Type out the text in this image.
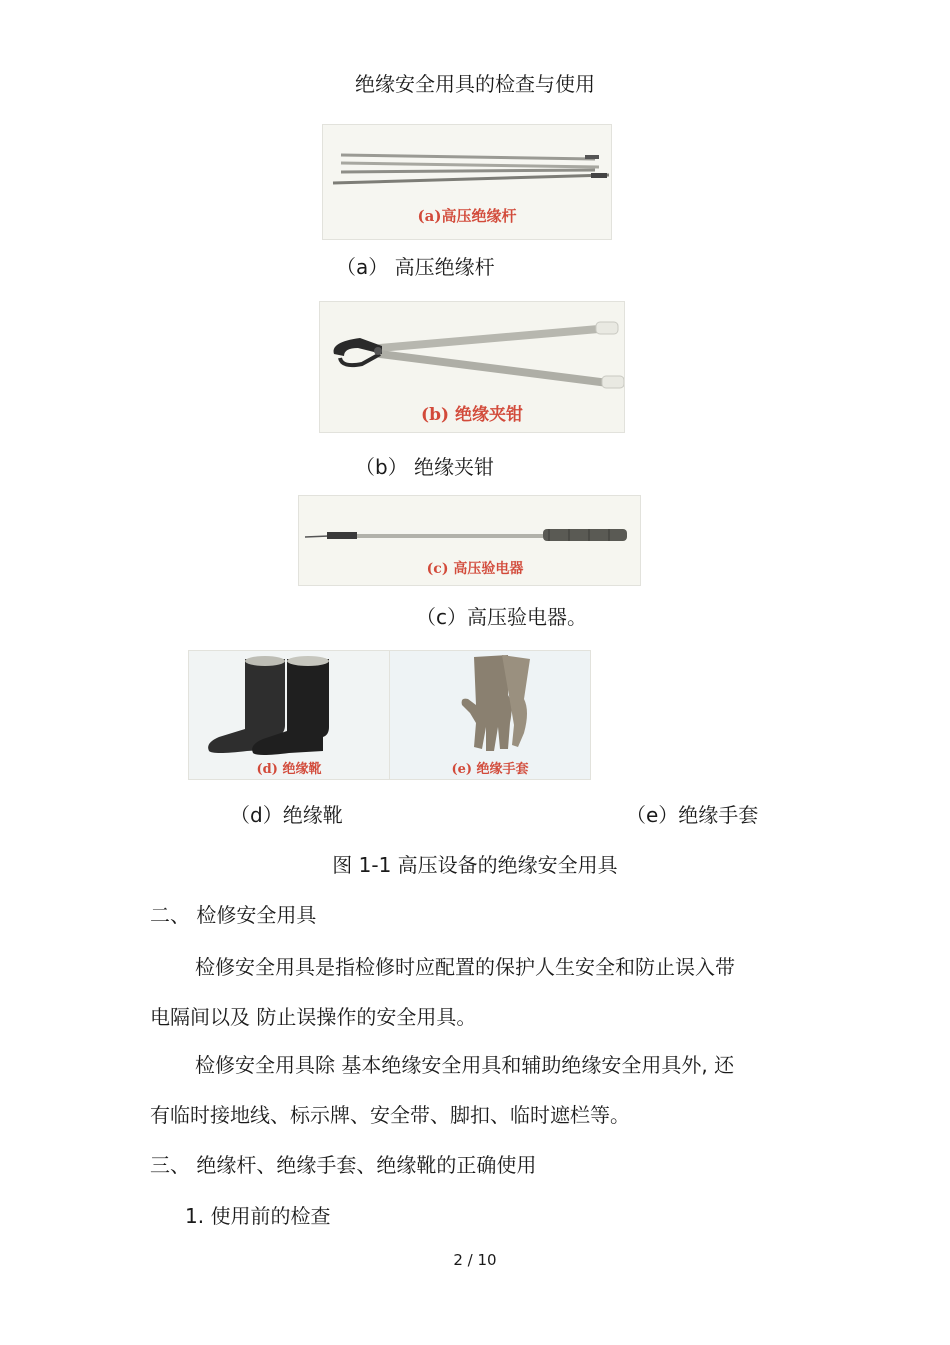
绝缘安全用具的检查与使用
(a)高压绝缘杆
（a） 高压绝缘杆
(b) 绝缘夹钳
（b） 绝缘夹钳
(c) 高压验电器
（c）高压验电器。
(d) 绝缘靴	(e) 绝缘手套
（d）绝缘靴	（e）绝缘手套
图 1-1 高压设备的绝缘安全用具
二、 检修安全用具
检修安全用具是指检修时应配置的保护人生安全和防止误入带
电隔间以及 防止误操作的安全用具。
检修安全用具除 基本绝缘安全用具和辅助绝缘安全用具外, 还
有临时接地线、标示牌、安全带、脚扣、临时遮栏等。
三、 绝缘杆、绝缘手套、绝缘靴的正确使用
1. 使用前的检查
2 / 10
